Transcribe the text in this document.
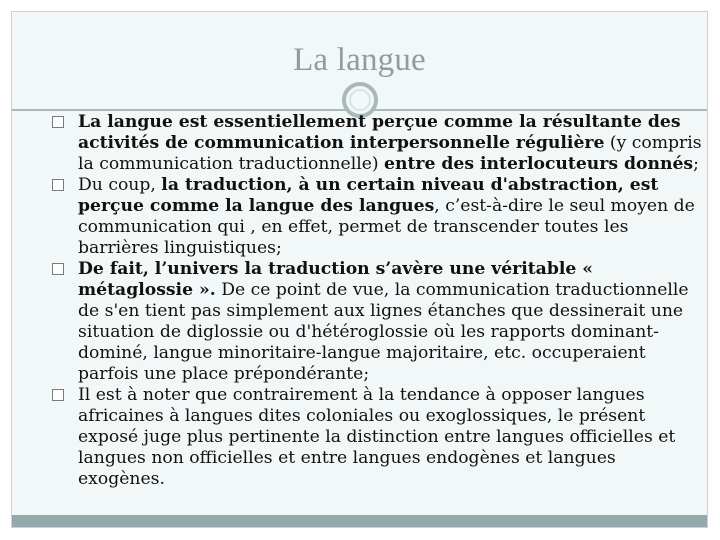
La langue

La langue est essentiellement perçue comme la résultante des activités de communication interpersonnelle régulière (y compris la communication traductionnelle) entre des interlocuteurs donnés;

Du coup, la traduction, à un certain niveau d'abstraction, est perçue comme la langue des langues, c’est-à-dire le seul moyen de communication qui , en effet, permet de transcender toutes les barrières linguistiques;

De fait, l’univers la traduction s’avère une véritable « métaglossie ». De ce point de vue, la communication traductionnelle de s'en tient pas simplement aux lignes étanches que dessinerait une situation de diglossie ou d'hétéroglossie où les rapports dominant-dominé, langue minoritaire-langue majoritaire, etc. occuperaient parfois une place prépondérante;

Il est à noter que contrairement à la tendance à opposer langues africaines à langues dites coloniales ou exoglossiques, le présent exposé juge plus pertinente la distinction entre langues officielles et langues non officielles et entre langues endogènes et langues exogènes.
